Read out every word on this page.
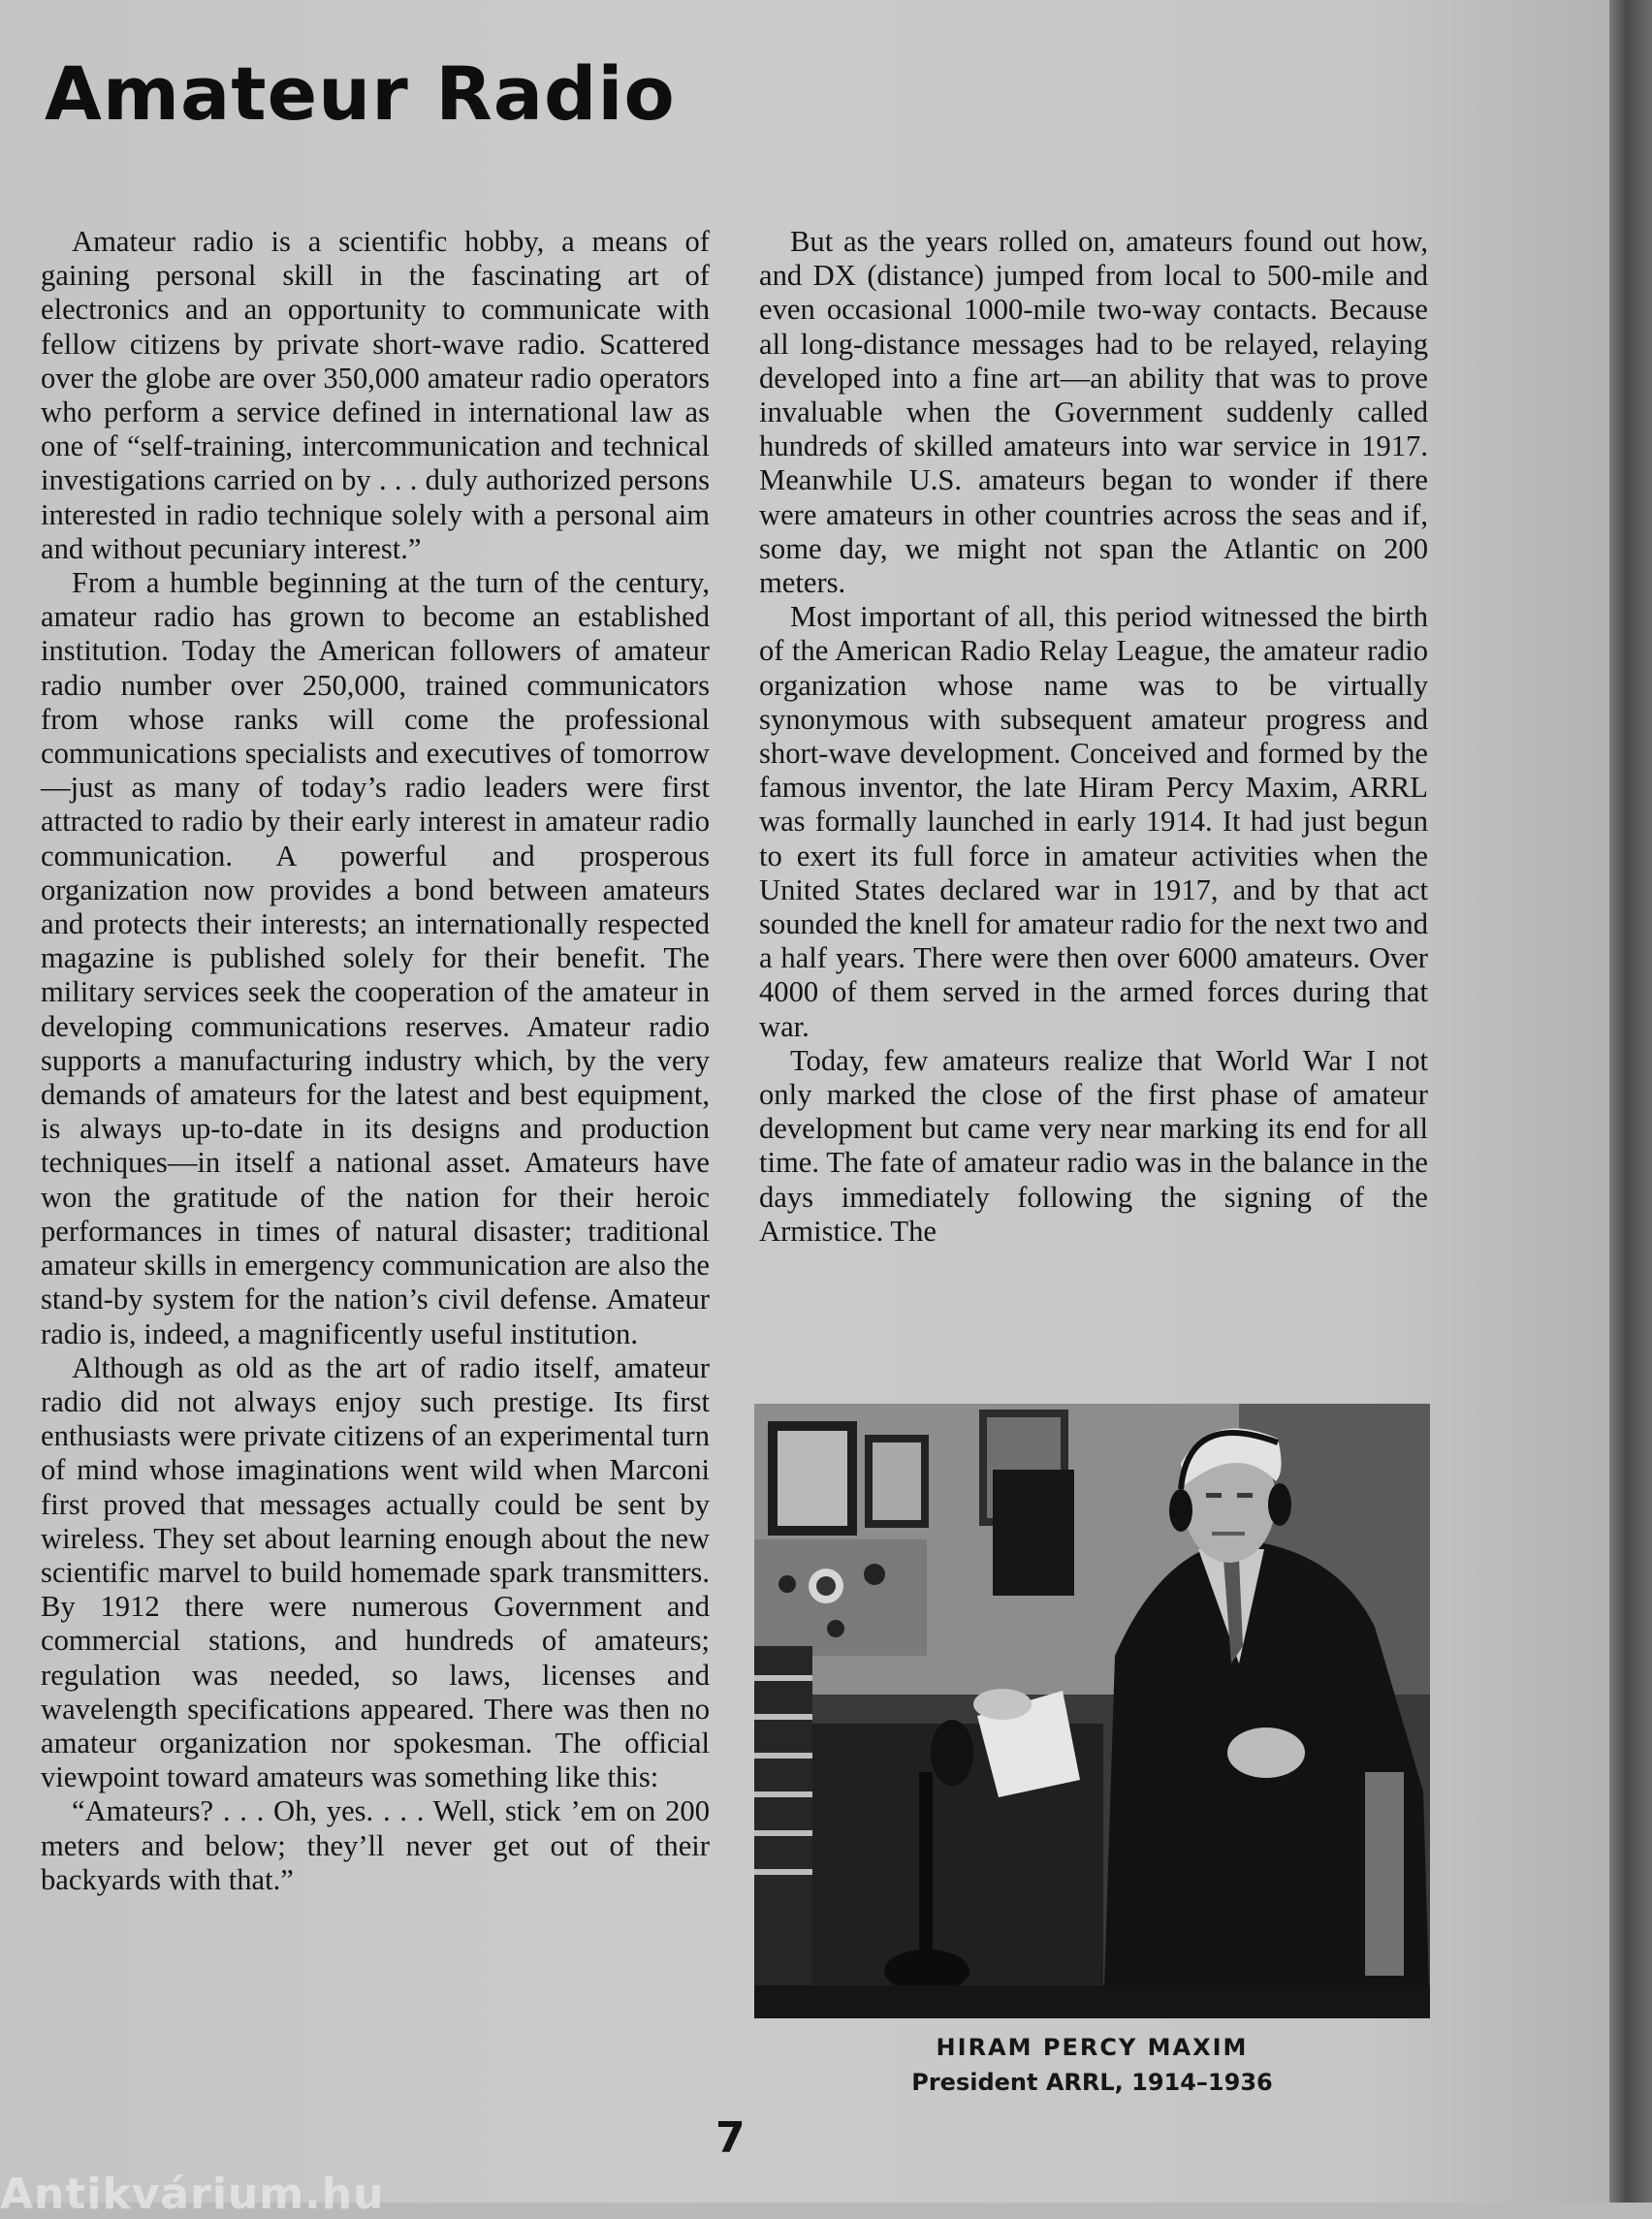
Amateur Radio

Amateur radio is a scientific hobby, a means of gaining personal skill in the fascinating art of electronics and an opportunity to communicate with fellow citizens by private short-wave radio. Scattered over the globe are over 350,000 amateur radio operators who perform a service defined in international law as one of “self-training, intercommunication and technical investigations carried on by . . . duly authorized persons interested in radio technique solely with a personal aim and without pecuniary interest.”

From a humble beginning at the turn of the century, amateur radio has grown to become an established institution. Today the American followers of amateur radio number over 250,000, trained communicators from whose ranks will come the professional communications specialists and executives of tomorrow—just as many of today’s radio leaders were first attracted to radio by their early interest in amateur radio communication. A powerful and prosperous organization now provides a bond between amateurs and protects their interests; an internationally respected magazine is published solely for their benefit. The military services seek the cooperation of the amateur in developing communications reserves. Amateur radio supports a manufacturing industry which, by the very demands of amateurs for the latest and best equipment, is always up-to-date in its designs and production techniques—in itself a national asset. Amateurs have won the gratitude of the nation for their heroic performances in times of natural disaster; traditional amateur skills in emergency communication are also the stand-by system for the nation’s civil defense. Amateur radio is, indeed, a magnificently useful institution.

Although as old as the art of radio itself, amateur radio did not always enjoy such prestige. Its first enthusiasts were private citizens of an experimental turn of mind whose imaginations went wild when Marconi first proved that messages actually could be sent by wireless. They set about learning enough about the new scientific marvel to build homemade spark transmitters. By 1912 there were numerous Government and commercial stations, and hundreds of amateurs; regulation was needed, so laws, licenses and wavelength specifications appeared. There was then no amateur organization nor spokesman. The official viewpoint toward amateurs was something like this:

“Amateurs? . . . Oh, yes. . . . Well, stick ’em on 200 meters and below; they’ll never get out of their backyards with that.”

But as the years rolled on, amateurs found out how, and DX (distance) jumped from local to 500-mile and even occasional 1000-mile two-way contacts. Because all long-distance messages had to be relayed, relaying developed into a fine art—an ability that was to prove invaluable when the Government suddenly called hundreds of skilled amateurs into war service in 1917. Meanwhile U.S. amateurs began to wonder if there were amateurs in other countries across the seas and if, some day, we might not span the Atlantic on 200 meters.

Most important of all, this period witnessed the birth of the American Radio Relay League, the amateur radio organization whose name was to be virtually synonymous with subsequent amateur progress and short-wave development. Conceived and formed by the famous inventor, the late Hiram Percy Maxim, ARRL was formally launched in early 1914. It had just begun to exert its full force in amateur activities when the United States declared war in 1917, and by that act sounded the knell for amateur radio for the next two and a half years. There were then over 6000 amateurs. Over 4000 of them served in the armed forces during that war.

Today, few amateurs realize that World War I not only marked the close of the first phase of amateur development but came very near marking its end for all time. The fate of amateur radio was in the balance in the days immediately following the signing of the Armistice. The

HIRAM PERCY MAXIM
President ARRL, 1914–1936
7
Antikvárium.hu
